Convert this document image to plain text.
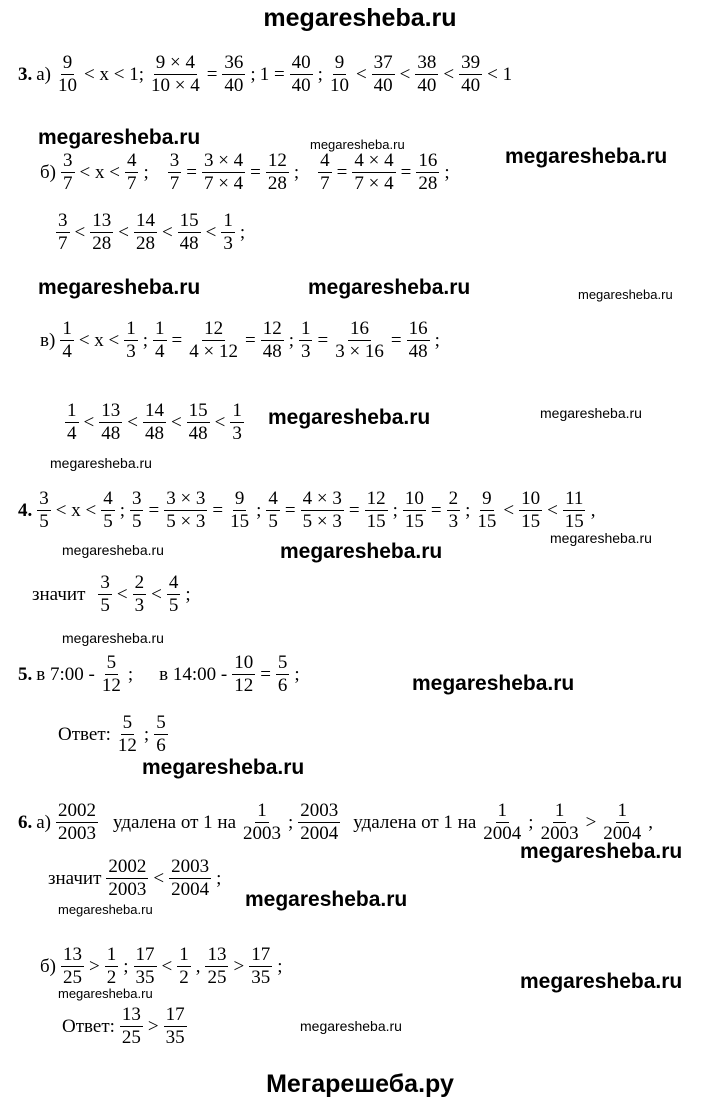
megaresheba.ru
3. $а) \frac{9}{10} < x < 1$; $\frac{9 \times 4}{10 \times 4} = \frac{36}{40}$ ; $1 = \frac{40}{40}$ ; $\frac{9}{10} < \frac{37}{40} < \frac{38}{40} < \frac{39}{40} < 1$
megaresheba.ru	megaresheba.ru
$б) \frac{3}{7} < x < \frac{4}{7}$ ; $\frac{3}{7} = \frac{3 \times 4}{7 \times 4} = \frac{12}{28}$ ; $\frac{4}{7} = \frac{4 \times 4}{7 \times 4} = \frac{16}{28}$ ;
megaresheba.ru
$\frac{3}{7} < \frac{13}{28} < \frac{14}{28} < \frac{15}{48} < \frac{1}{3}$ ;
megaresheba.ru	megaresheba.ru	megaresheba.ru
$в) \frac{1}{4} < x < \frac{1}{3}$ ; $\frac{1}{4} = \frac{12}{4 \times 12} = \frac{12}{48}$ ; $\frac{1}{3} = \frac{16}{3 \times 16} = \frac{16}{48}$ ;
$\frac{1}{4} < \frac{13}{48} < \frac{14}{48} < \frac{15}{48} < \frac{1}{3}$ megaresheba.ru	megaresheba.ru
megaresheba.ru
4. $\frac{3}{5} < x < \frac{4}{5}$ ; $\frac{3}{5} = \frac{3 \times 3}{5 \times 3} = \frac{9}{15}$ ; $\frac{4}{5} = \frac{4 \times 3}{5 \times 3} = \frac{12}{15}$ ; $\frac{10}{15} = \frac{2}{3}$ ; $\frac{9}{15} < \frac{10}{15} < \frac{11}{15}$ ,
megaresheba.ru	megaresheba.ru
megaresheba.ru
значит $\frac{3}{5} < \frac{2}{3} < \frac{4}{5}$ ;
megaresheba.ru
5. в 7:00 - $\frac{5}{12}$ ; в 14:00 - $\frac{10}{12} = \frac{5}{6}$ ;	megaresheba.ru
Ответ: $\frac{5}{12}$ ; $\frac{5}{6}$
megaresheba.ru
6. $а) \frac{2002}{2003}$ удалена от 1 на $\frac{1}{2003}$ ; $\frac{2003}{2004}$ удалена от 1 на $\frac{1}{2004}$ ; $\frac{1}{2003} > \frac{1}{2004}$ ,
megaresheba.ru
значит $\frac{2002}{2003} < \frac{2003}{2004}$ ;
megaresheba.ru	megaresheba.ru
$б) \frac{13}{25} > \frac{1}{2}$ ; $\frac{17}{35} < \frac{1}{2}$ , $\frac{13}{25} > \frac{17}{35}$ ;
megaresheba.ru
megaresheba.ru
Ответ: $\frac{13}{25} > \frac{17}{35}$	megaresheba.ru
Мегарешеба.ру
